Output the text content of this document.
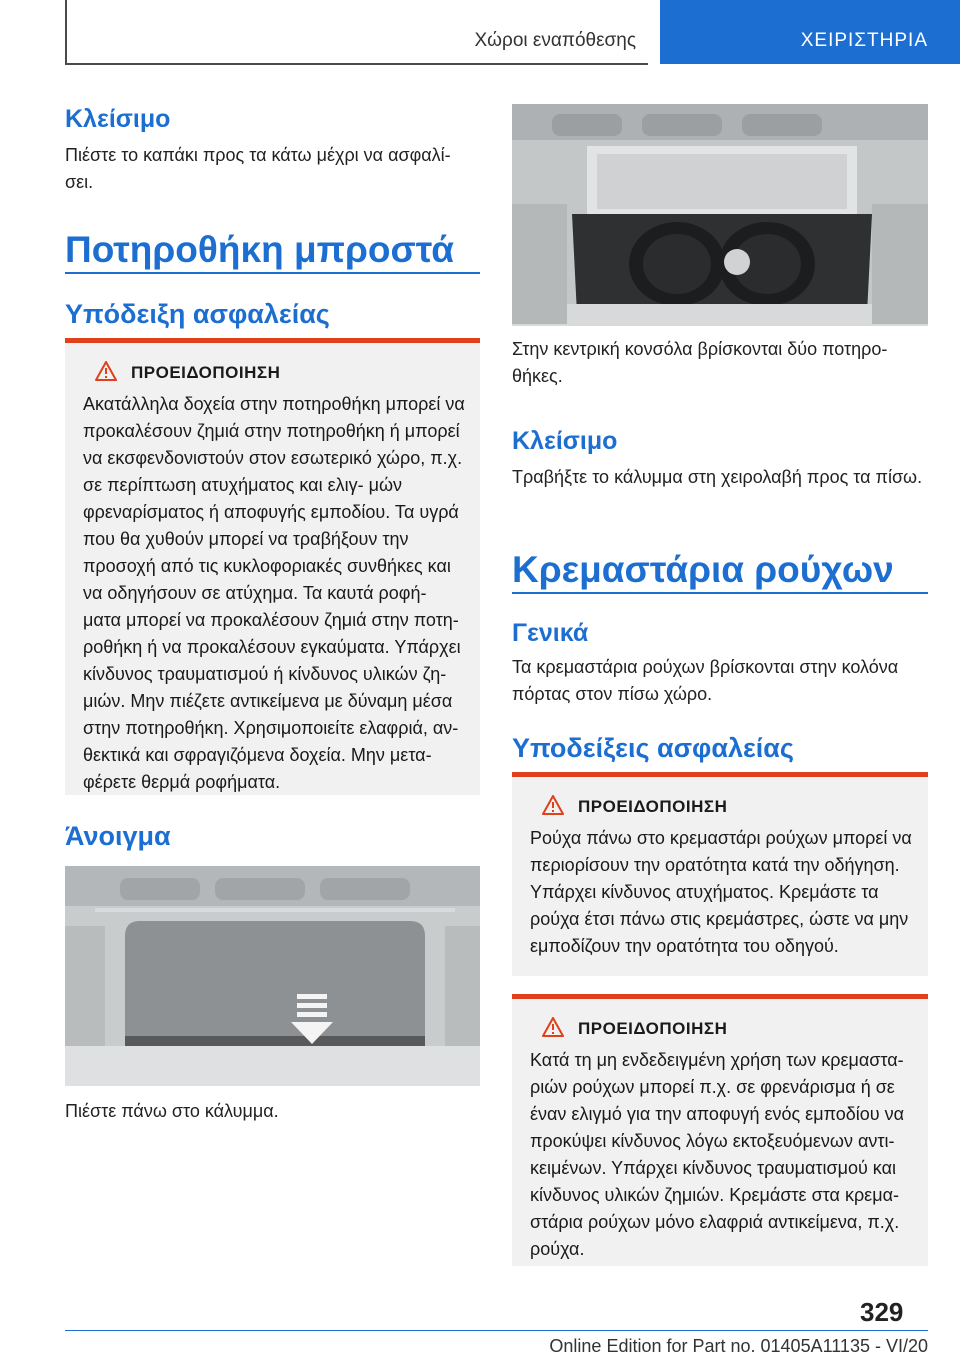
Χώροι εναπόθεσης	ΧΕΙΡΙΣΤΗΡΙΑ
Κλείσιμο
Πιέστε το καπάκι προς τα κάτω μέχρι να ασφαλί- σει.
Ποτηροθήκη μπροστά
Υπόδειξη ασφαλείας
ΠΡΟΕΙΔΟΠΟΙΗΣΗ
Ακατάλληλα δοχεία στην ποτηροθήκη μπορεί να προκαλέσουν ζημιά στην ποτηροθήκη ή μπορεί να εκσφενδονιστούν στον εσωτερικό χώρο, π.χ. σε περίπτωση ατυχήματος και ελιγ- μών φρεναρίσματος ή αποφυγής εμποδίου. Τα υγρά που θα χυθούν μπορεί να τραβήξουν την προσοχή από τις κυκλοφοριακές συνθήκες και να οδηγήσουν σε ατύχημα. Τα καυτά ροφή- ματα μπορεί να προκαλέσουν ζημιά στην ποτη- ροθήκη ή να προκαλέσουν εγκαύματα. Υπάρχει κίνδυνος τραυματισμού ή κίνδυνος υλικών ζη- μιών. Μην πιέζετε αντικείμενα με δύναμη μέσα στην ποτηροθήκη. Χρησιμοποιείτε ελαφριά, αν- θεκτικά και σφραγιζόμενα δοχεία. Μην μετα- φέρετε θερμά ροφήματα.
Άνοιγμα
Πιέστε πάνω στο κάλυμμα.
Στην κεντρική κονσόλα βρίσκονται δύο ποτηρο- θήκες.
Κλείσιμο
Τραβήξτε το κάλυμμα στη χειρολαβή προς τα πίσω.
Κρεμαστάρια ρούχων
Γενικά
Τα κρεμαστάρια ρούχων βρίσκονται στην κολόνα πόρτας στον πίσω χώρο.
Υποδείξεις ασφαλείας
ΠΡΟΕΙΔΟΠΟΙΗΣΗ
Ρούχα πάνω στο κρεμαστάρι ρούχων μπορεί να περιορίσουν την ορατότητα κατά την οδήγηση. Υπάρχει κίνδυνος ατυχήματος. Κρεμάστε τα ρούχα έτσι πάνω στις κρεμάστρες, ώστε να μην εμποδίζουν την ορατότητα του οδηγού.
ΠΡΟΕΙΔΟΠΟΙΗΣΗ
Κατά τη μη ενδεδειγμένη χρήση των κρεμαστα- ριών ρούχων μπορεί π.χ. σε φρενάρισμα ή σε έναν ελιγμό για την αποφυγή ενός εμποδίου να προκύψει κίνδυνος λόγω εκτοξευόμενων αντι- κειμένων. Υπάρχει κίνδυνος τραυματισμού και κίνδυνος υλικών ζημιών. Κρεμάστε στα κρεμα- στάρια ρούχων μόνο ελαφριά αντικείμενα, π.χ. ρούχα.
329
Online Edition for Part no. 01405A11135 - VI/20
